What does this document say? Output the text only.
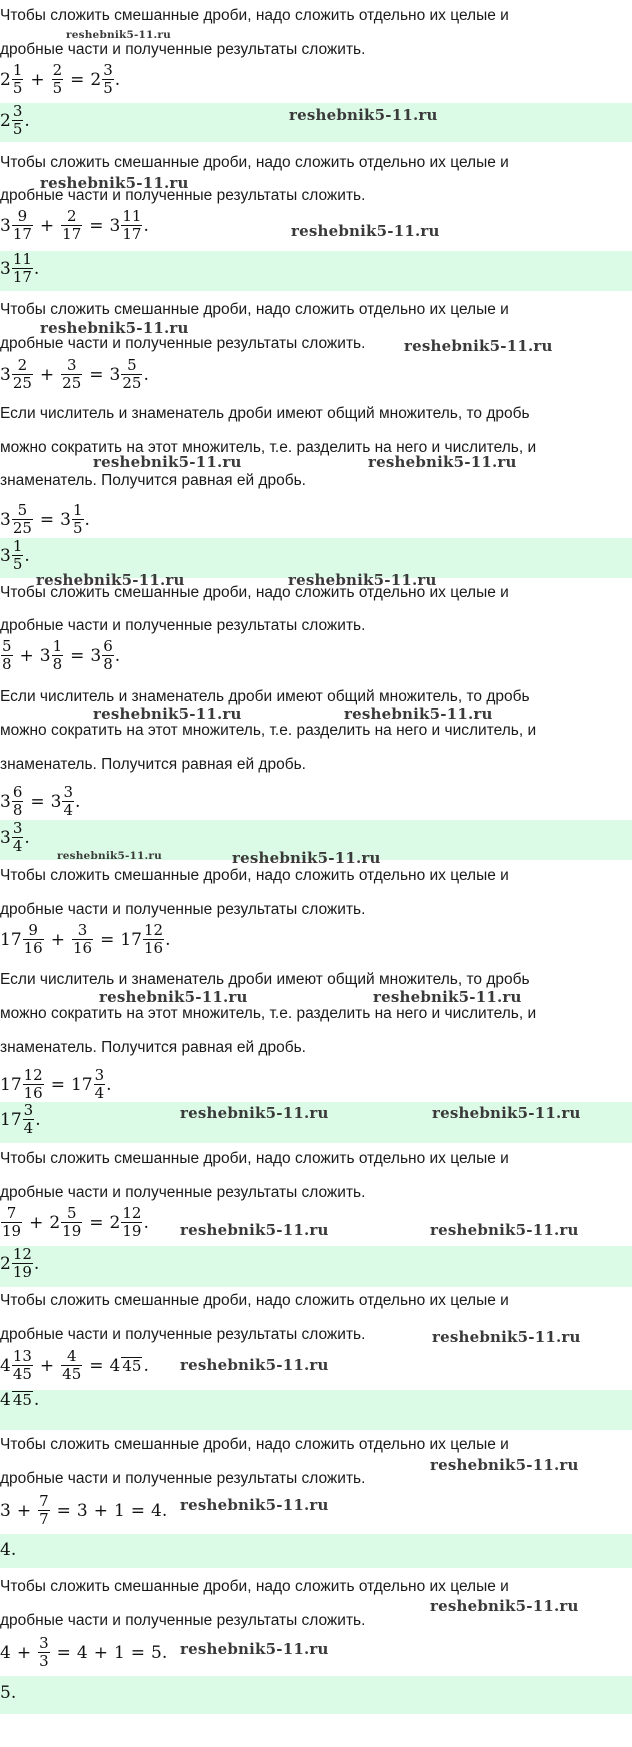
Чтобы сложить смешанные дроби, надо сложить отдельно их целые и
дробные части и полученные результаты сложить.
$2 \frac{1}{5} + \frac{2}{5} = 2 \frac{3}{5}$ .
$2 \frac{3}{5}$ .
Чтобы сложить смешанные дроби, надо сложить отдельно их целые и
дробные части и полученные результаты сложить.
$3 \frac{9}{17} + \frac{2}{17} = 3 \frac{11}{17}$ .
$3 \frac{11}{17}$ .
Чтобы сложить смешанные дроби, надо сложить отдельно их целые и
дробные части и полученные результаты сложить.
$3 \frac{2}{25} + \frac{3}{25} = 3 \frac{5}{25}$ .
Если числитель и знаменатель дроби имеют общий множитель, то дробь
можно сократить на этот множитель, т.е. разделить на него и числитель, и
знаменатель. Получится равная ей дробь.
$3 \frac{5}{25} = 3 \frac{1}{5}$ .
$3 \frac{1}{5}$ .
Чтобы сложить смешанные дроби, надо сложить отдельно их целые и
дробные части и полученные результаты сложить.
$\frac{5}{8} + 3 \frac{1}{8} = 3 \frac{6}{8}$ .
Если числитель и знаменатель дроби имеют общий множитель, то дробь
можно сократить на этот множитель, т.е. разделить на него и числитель, и
знаменатель. Получится равная ей дробь.
$3 \frac{6}{8} = 3 \frac{3}{4}$ .
$3 \frac{3}{4}$ .
Чтобы сложить смешанные дроби, надо сложить отдельно их целые и
дробные части и полученные результаты сложить.
$17 \frac{9}{16} + \frac{3}{16} = 17 \frac{12}{16}$ .
Если числитель и знаменатель дроби имеют общий множитель, то дробь
можно сократить на этот множитель, т.е. разделить на него и числитель, и
знаменатель. Получится равная ей дробь.
$17 \frac{12}{16} = 17 \frac{3}{4}$ .
$17 \frac{3}{4}$ .
Чтобы сложить смешанные дроби, надо сложить отдельно их целые и
дробные части и полученные результаты сложить.
$\frac{7}{19} + 2 \frac{5}{19} = 2 \frac{12}{19}$ .
$2 \frac{12}{19}$ .
Чтобы сложить смешанные дроби, надо сложить отдельно их целые и
дробные части и полученные результаты сложить.
$4 \frac{13}{45} + \frac{4}{45} = 4$ 45 .
4 45 .
Чтобы сложить смешанные дроби, надо сложить отдельно их целые и
дробные части и полученные результаты сложить.
$3 + \frac{7}{7} = 3 + 1 = 4$ .
4 .
Чтобы сложить смешанные дроби, надо сложить отдельно их целые и
дробные части и полученные результаты сложить.
$4 + \frac{3}{3} = 4 + 1 = 5$ .
5 .
reshebnik5-11.ru
reshebnik5-11.ru
reshebnik5-11.ru
reshebnik5-11.ru
reshebnik5-11.ru
reshebnik5-11.ru
reshebnik5-11.ru	reshebnik5-11.ru
reshebnik5-11.ru	reshebnik5-11.ru
reshebnik5-11.ru	reshebnik5-11.ru
reshebnik5-11.ru	reshebnik5-11.ru
reshebnik5-11.ru	reshebnik5-11.ru
reshebnik5-11.ru	reshebnik5-11.ru
reshebnik5-11.ru	reshebnik5-11.ru
reshebnik5-11.ru
reshebnik5-11.ru
reshebnik5-11.ru
reshebnik5-11.ru
reshebnik5-11.ru
reshebnik5-11.ru
